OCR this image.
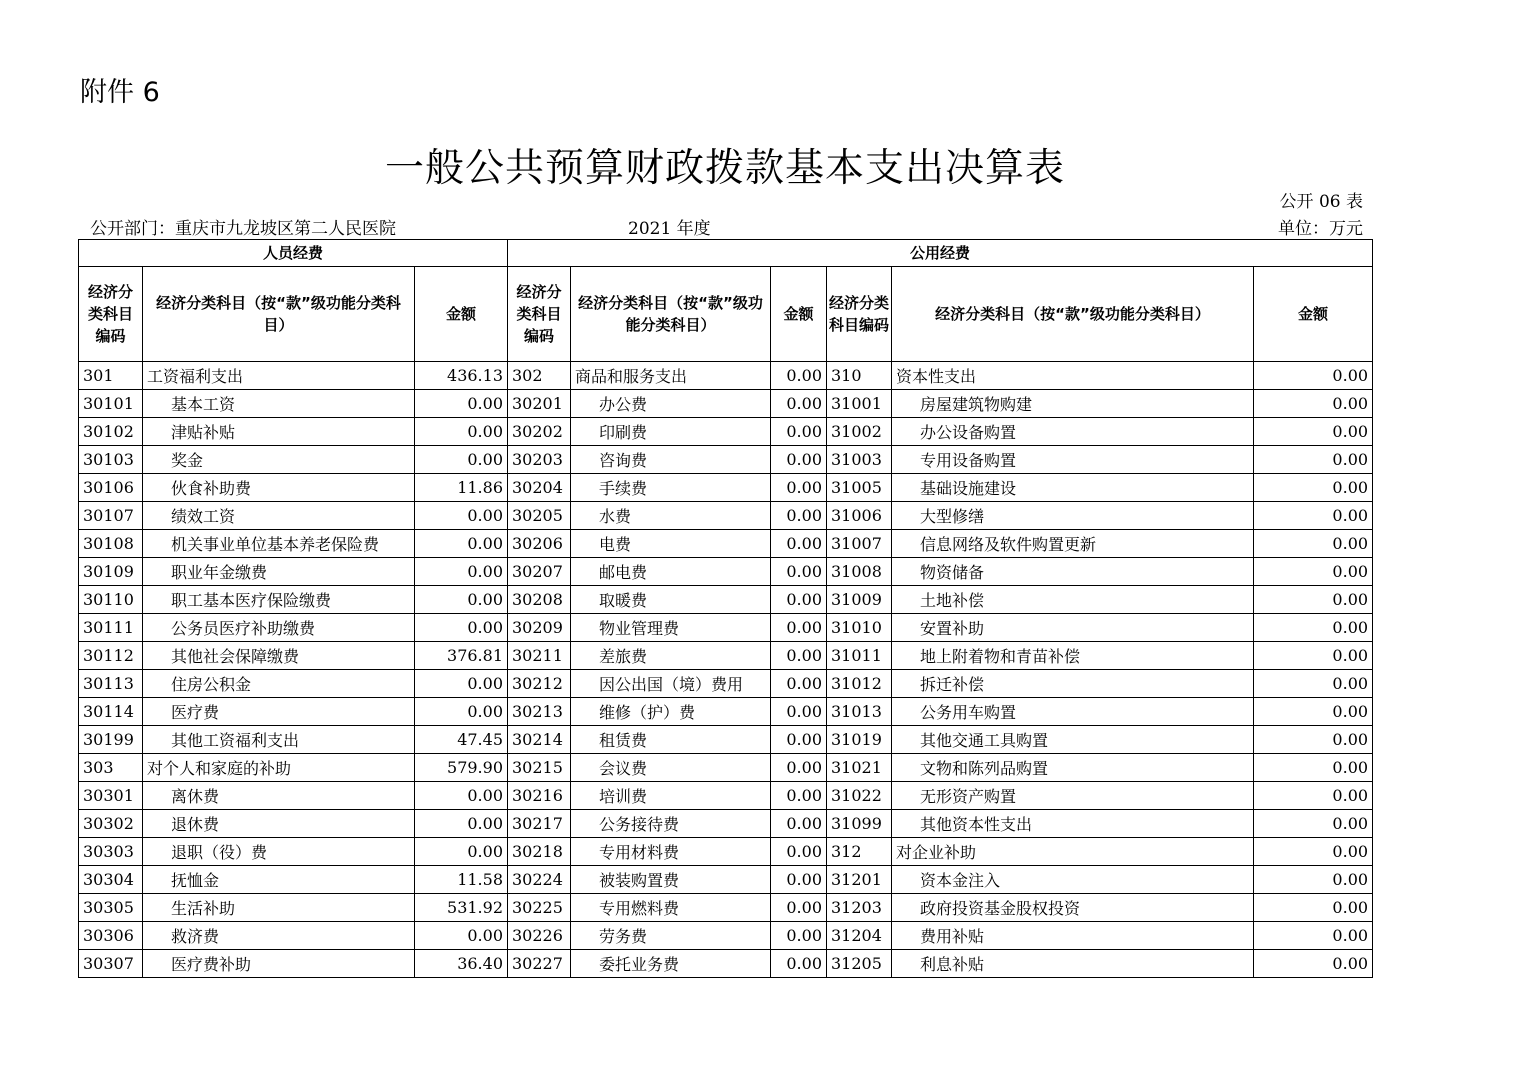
附件 6
一般公共预算财政拨款基本支出决算表
公开 06 表
公开部门：重庆市九龙坡区第二人民医院	2021 年度	单位：万元
人员经费			公用经费					
经济分类科目编码	经济分类科目（按“款”级功能分类科目）	金额	经济分类科目编码	经济分类科目（按“款”级功能分类科目）	金额	经济分类科目编码	经济分类科目（按“款”级功能分类科目）	金额
301	工资福利支出	436.13	302	商品和服务支出	0.00	310	资本性支出	0.00
30101	基本工资	0.00	30201	办公费	0.00	31001	房屋建筑物购建	0.00
30102	津贴补贴	0.00	30202	印刷费	0.00	31002	办公设备购置	0.00
30103	奖金	0.00	30203	咨询费	0.00	31003	专用设备购置	0.00
30106	伙食补助费	11.86	30204	手续费	0.00	31005	基础设施建设	0.00
30107	绩效工资	0.00	30205	水费	0.00	31006	大型修缮	0.00
30108	机关事业单位基本养老保险费	0.00	30206	电费	0.00	31007	信息网络及软件购置更新	0.00
30109	职业年金缴费	0.00	30207	邮电费	0.00	31008	物资储备	0.00
30110	职工基本医疗保险缴费	0.00	30208	取暖费	0.00	31009	土地补偿	0.00
30111	公务员医疗补助缴费	0.00	30209	物业管理费	0.00	31010	安置补助	0.00
30112	其他社会保障缴费	376.81	30211	差旅费	0.00	31011	地上附着物和青苗补偿	0.00
30113	住房公积金	0.00	30212	因公出国（境）费用	0.00	31012	拆迁补偿	0.00
30114	医疗费	0.00	30213	维修（护）费	0.00	31013	公务用车购置	0.00
30199	其他工资福利支出	47.45	30214	租赁费	0.00	31019	其他交通工具购置	0.00
303	对个人和家庭的补助	579.90	30215	会议费	0.00	31021	文物和陈列品购置	0.00
30301	离休费	0.00	30216	培训费	0.00	31022	无形资产购置	0.00
30302	退休费	0.00	30217	公务接待费	0.00	31099	其他资本性支出	0.00
30303	退职（役）费	0.00	30218	专用材料费	0.00	312	对企业补助	0.00
30304	抚恤金	11.58	30224	被装购置费	0.00	31201	资本金注入	0.00
30305	生活补助	531.92	30225	专用燃料费	0.00	31203	政府投资基金股权投资	0.00
30306	救济费	0.00	30226	劳务费	0.00	31204	费用补贴	0.00
30307	医疗费补助	36.40	30227	委托业务费	0.00	31205	利息补贴	0.00
